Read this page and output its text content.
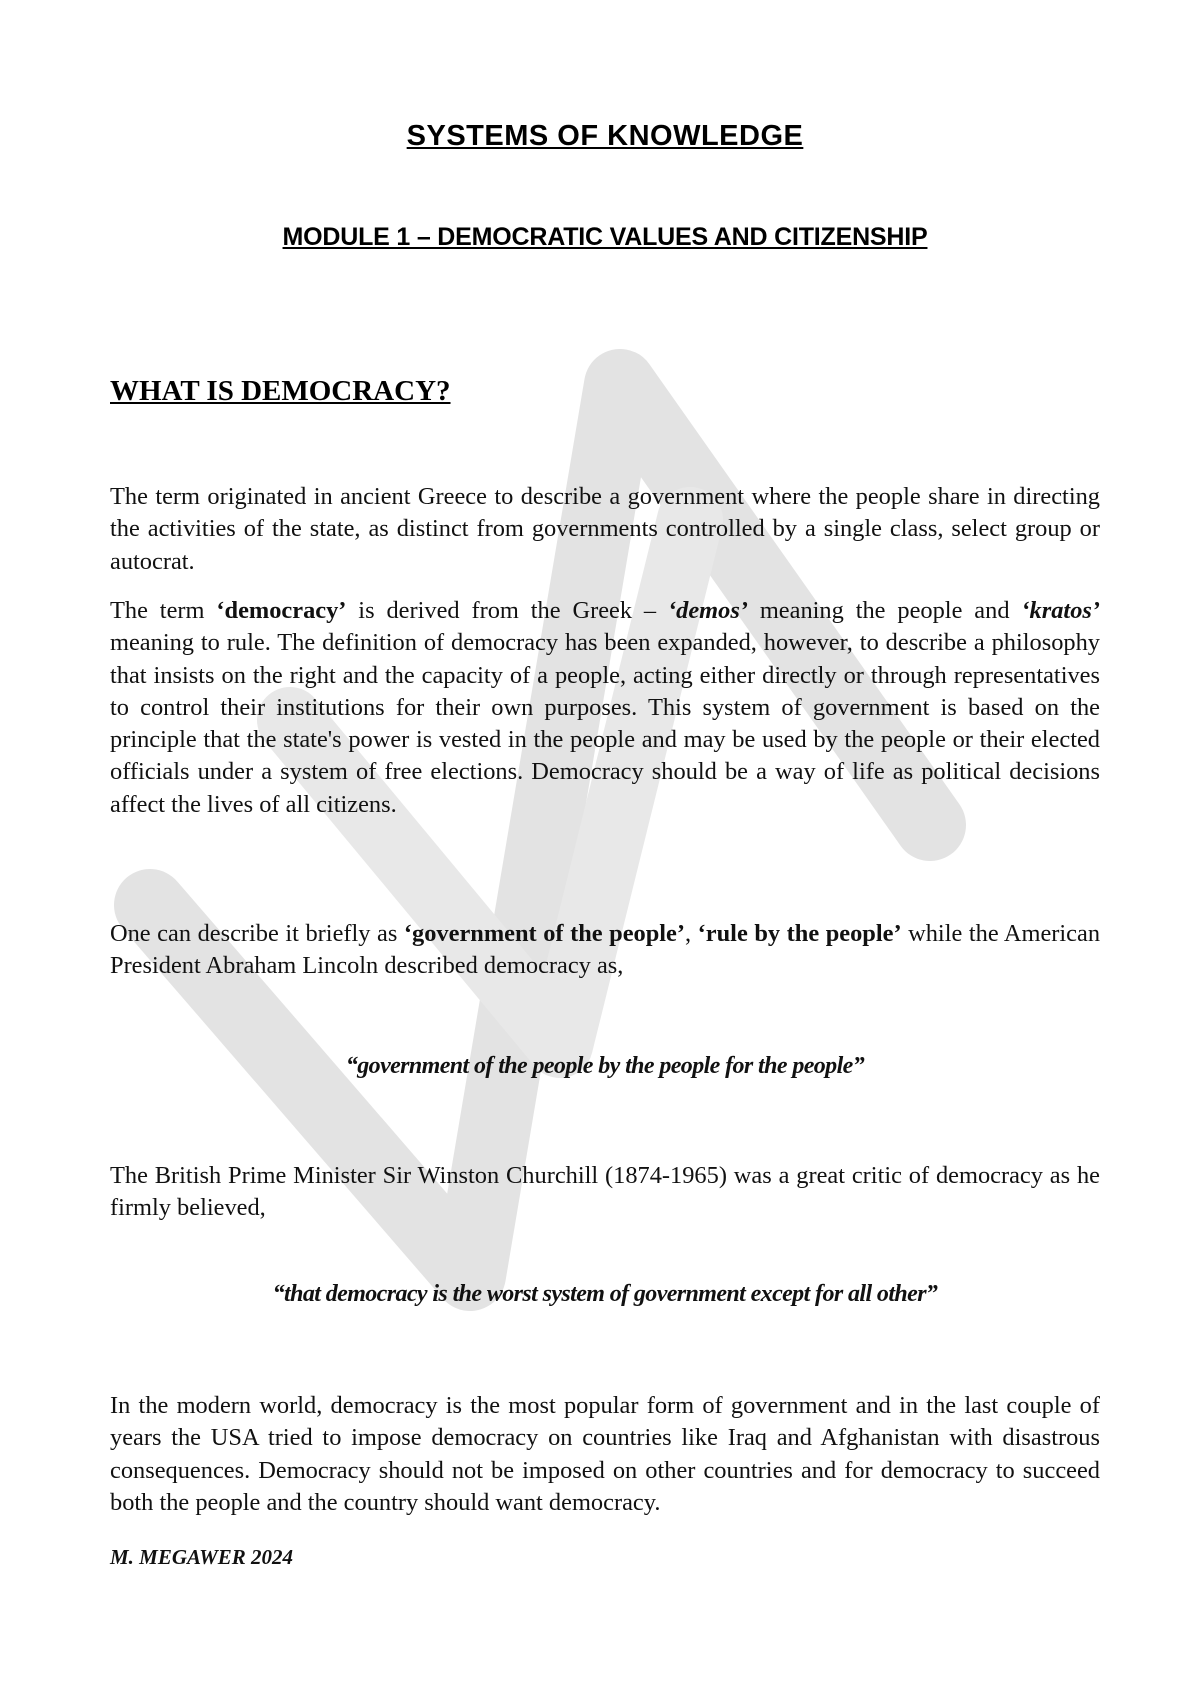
SYSTEMS OF KNOWLEDGE
MODULE 1 – DEMOCRATIC VALUES AND CITIZENSHIP
WHAT IS DEMOCRACY?

The term originated in ancient Greece to describe a government where the people share in directing the activities of the state, as distinct from governments controlled by a single class, select group or autocrat.

The term ‘democracy’ is derived from the Greek – ‘demos’ meaning the people and ‘kratos’ meaning to rule. The definition of democracy has been expanded, however, to describe a philosophy that insists on the right and the capacity of a people, acting either directly or through representatives to control their institutions for their own purposes. This system of government is based on the principle that the state's power is vested in the people and may be used by the people or their elected officials under a system of free elections. Democracy should be a way of life as political decisions affect the lives of all citizens.

One can describe it briefly as ‘government of the people’, ‘rule by the people’ while the American President Abraham Lincoln described democracy as,

“government of the people by the people for the people”

The British Prime Minister Sir Winston Churchill (1874-1965) was a great critic of democracy as he firmly believed,

“that democracy is the worst system of government except for all other”

In the modern world, democracy is the most popular form of government and in the last couple of years the USA tried to impose democracy on countries like Iraq and Afghanistan with disastrous consequences. Democracy should not be imposed on other countries and for democracy to succeed both the people and the country should want democracy.

M. MEGAWER 2024
